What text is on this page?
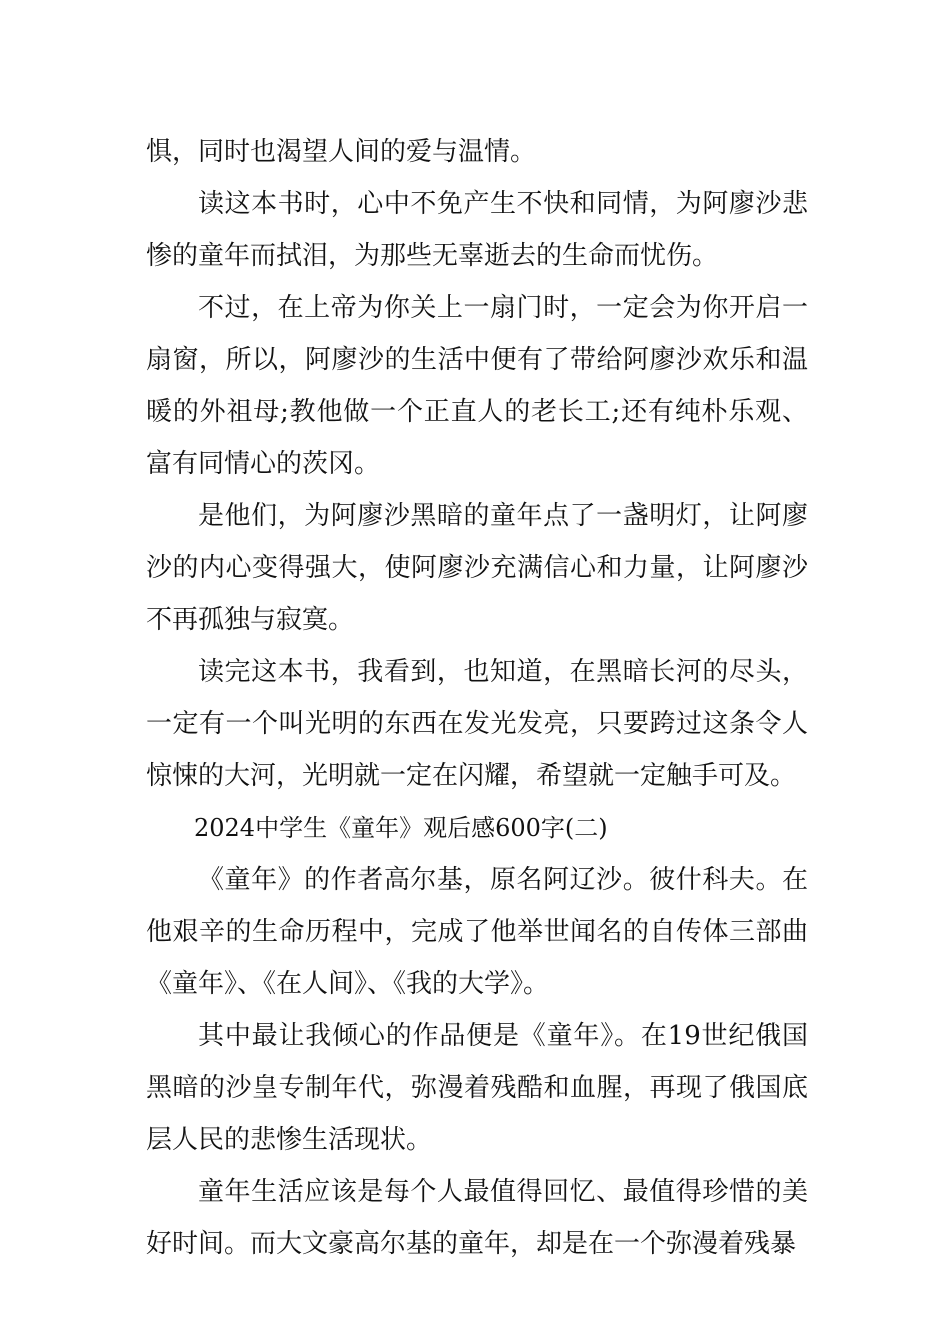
惧，同时也渴望人间的爱与温情。

读这本书时，心中不免产生不快和同情，为阿廖沙悲惨的童年而拭泪，为那些无辜逝去的生命而忧伤。

不过，在上帝为你关上一扇门时，一定会为你开启一扇窗，所以，阿廖沙的生活中便有了带给阿廖沙欢乐和温暖的外祖母;教他做一个正直人的老长工;还有纯朴乐观、富有同情心的茨冈。

是他们，为阿廖沙黑暗的童年点了一盏明灯，让阿廖沙的内心变得强大，使阿廖沙充满信心和力量，让阿廖沙不再孤独与寂寞。

读完这本书，我看到，也知道，在黑暗长河的尽头，一定有一个叫光明的东西在发光发亮，只要跨过这条令人惊悚的大河，光明就一定在闪耀，希望就一定触手可及。

2024中学生《童年》观后感600字(二)

《童年》的作者高尔基，原名阿辽沙。彼什科夫。在他艰辛的生命历程中，完成了他举世闻名的自传体三部曲《童年》、《在人间》、《我的大学》。

其中最让我倾心的作品便是《童年》。在19世纪俄国黑暗的沙皇专制年代，弥漫着残酷和血腥，再现了俄国底层人民的悲惨生活现状。

童年生活应该是每个人最值得回忆、最值得珍惜的美好时间。而大文豪高尔基的童年，却是在一个弥漫着残暴
